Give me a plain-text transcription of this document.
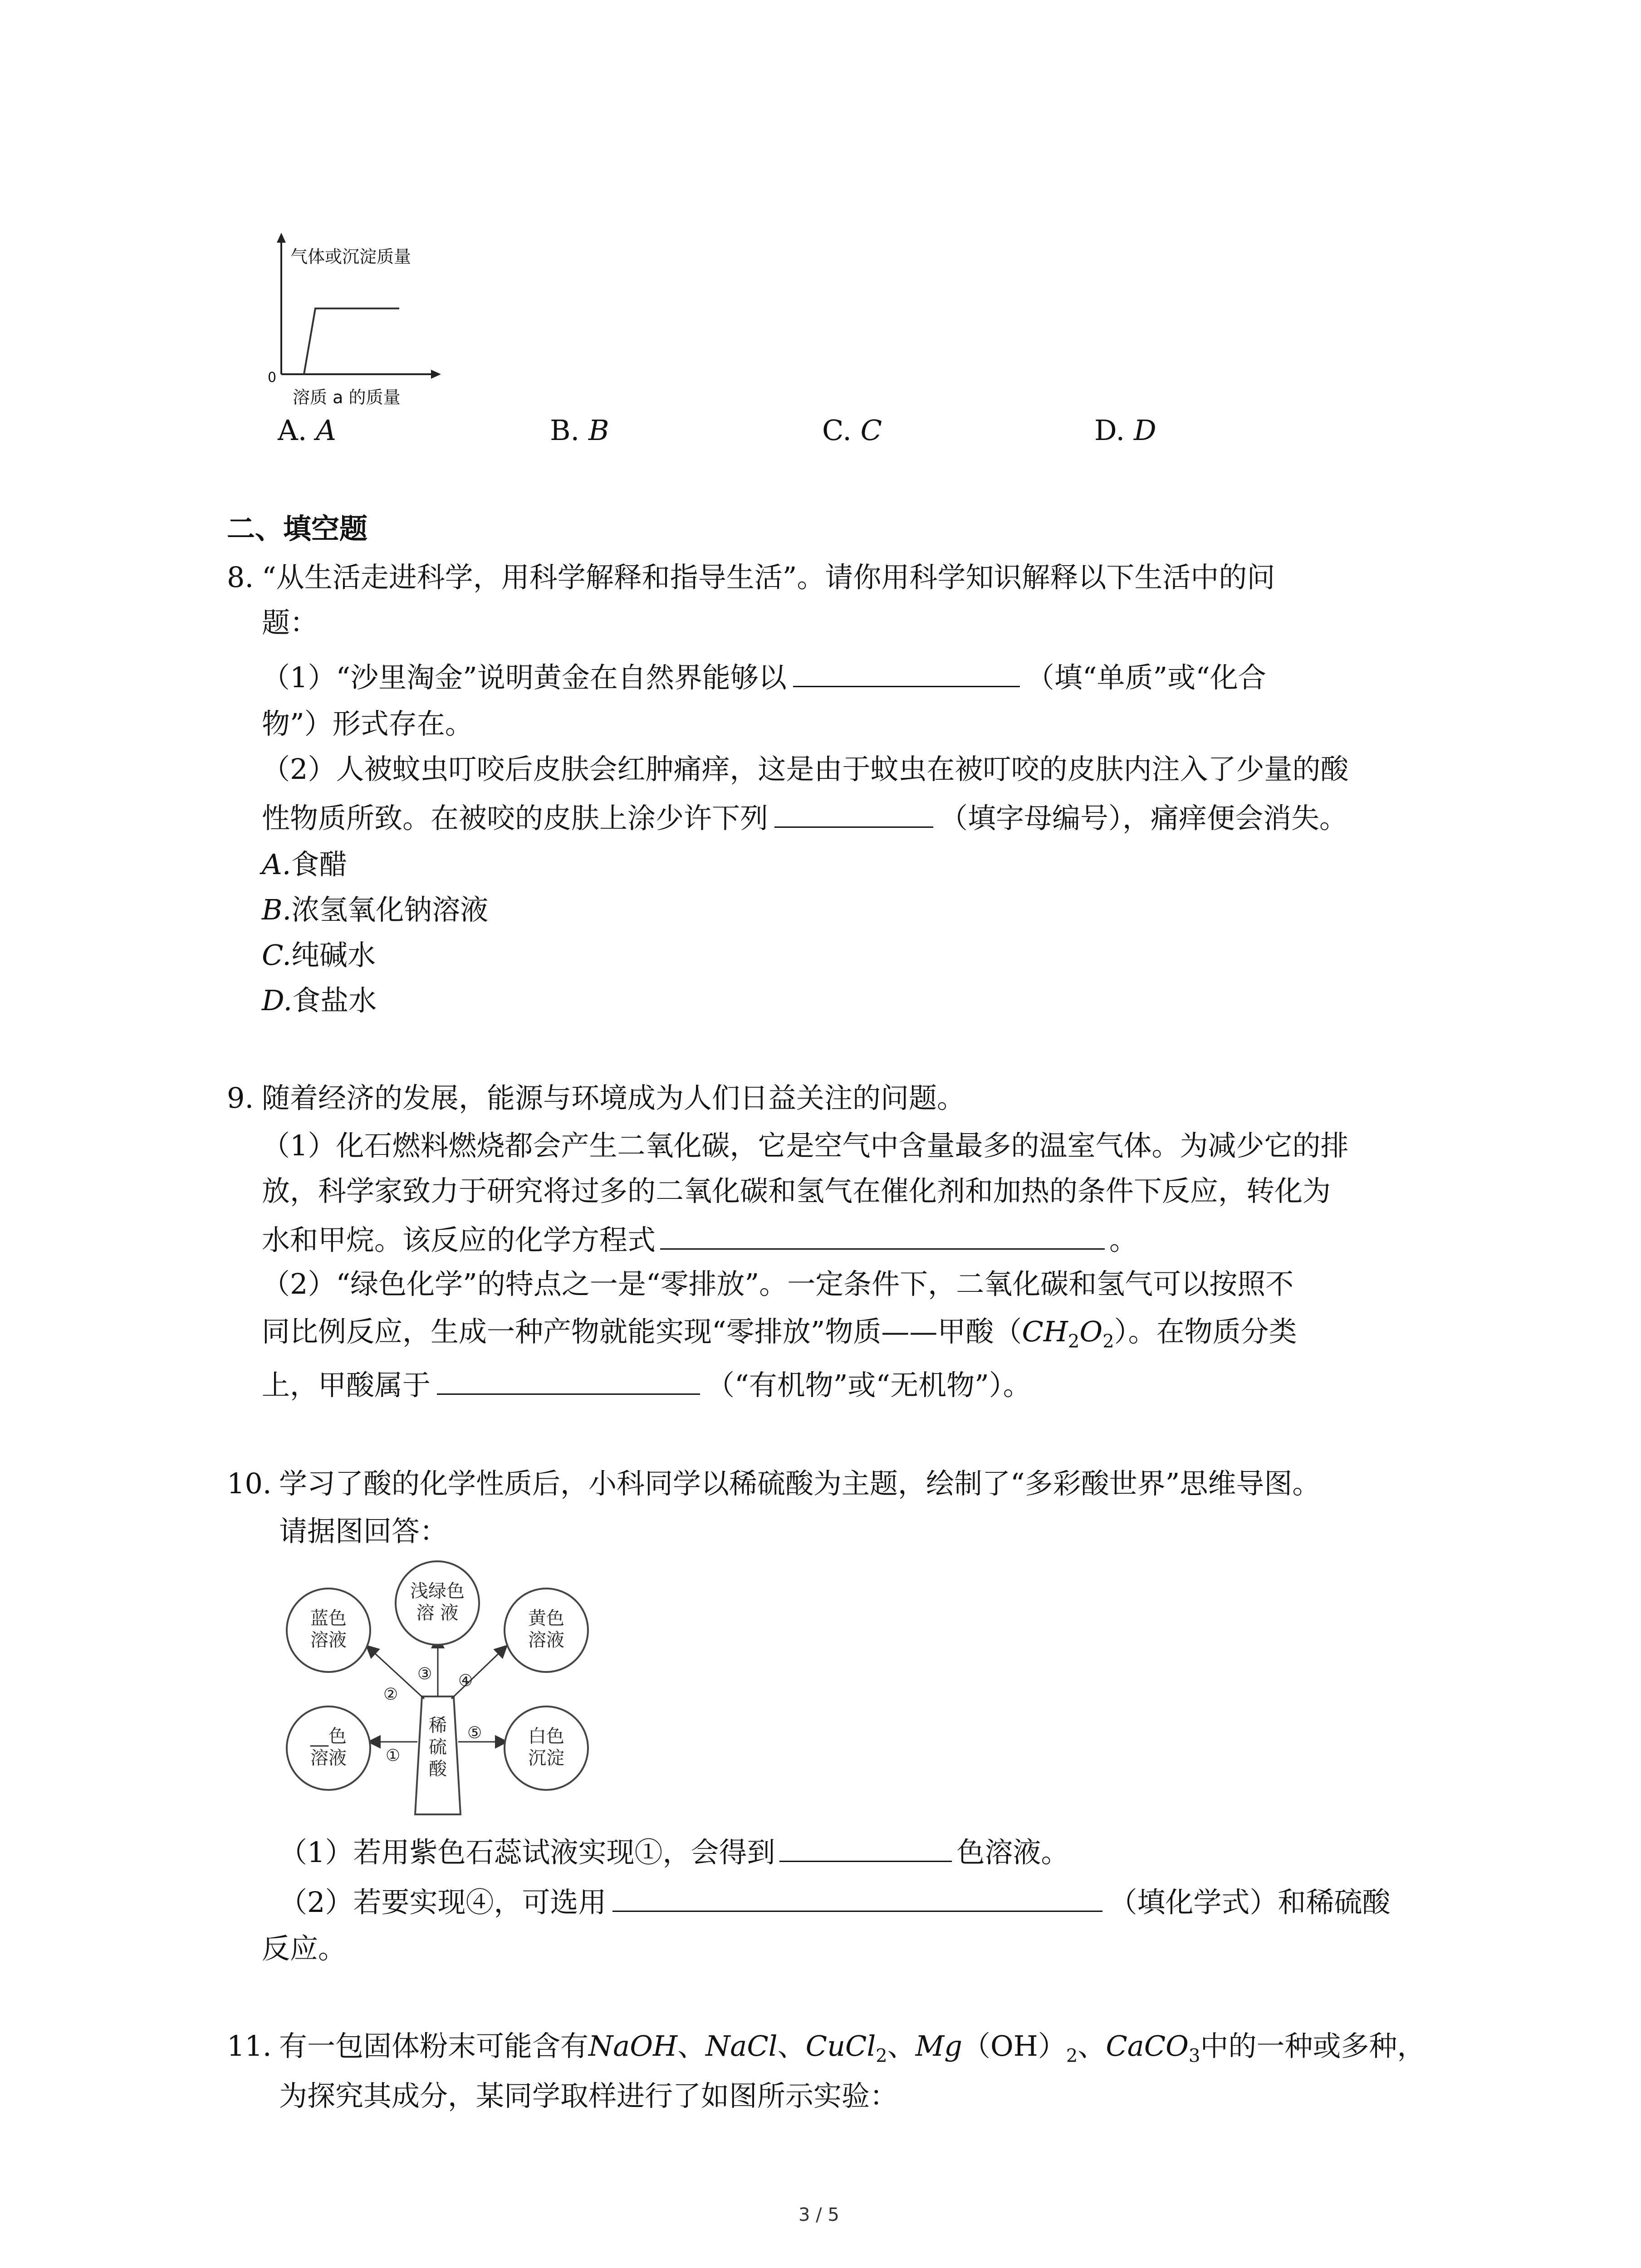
气体或沉淀质量
0
溶质 a 的质量
A. A	B. B	C. C	D. D
二、填空题
8. “从生活走进科学，用科学解释和指导生活”。请你用科学知识解释以下生活中的问
题：
（1）“沙里淘金”说明黄金在自然界能够以	（填“单质”或“化合
物”）形式存在。
（2）人被蚊虫叮咬后皮肤会红肿痛痒，这是由于蚊虫在被叮咬的皮肤内注入了少量的酸
性物质所致。在被咬的皮肤上涂少许下列	（填字母编号），痛痒便会消失。
A.食醋
B.浓氢氧化钠溶液
C.纯碱水
D.食盐水
9. 随着经济的发展，能源与环境成为人们日益关注的问题。
（1）化石燃料燃烧都会产生二氧化碳，它是空气中含量最多的温室气体。为减少它的排
放，科学家致力于研究将过多的二氧化碳和氢气在催化剂和加热的条件下反应，转化为
水和甲烷。该反应的化学方程式	。
（2）“绿色化学”的特点之一是“零排放”。一定条件下，二氧化碳和氢气可以按照不
同比例反应，生成一种产物就能实现“零排放”物质——甲酸$(CH_2O_2)$。在物质分类
上，甲酸属于	（“有机物”或“无机物”）。
10. 学习了酸的化学性质后，小科同学以稀硫酸为主题，绘制了“多彩酸世界”思维导图。
请据图回答：
浅绿色
溶 液
蓝色
溶液
黄色
溶液
__色
溶液
白色
沉淀
稀
硫
酸
①
②
③ ④
⑤
（1）若用紫色石蕊试液实现①，会得到	色溶液。
（2）若要实现④，可选用	（填化学式）和稀硫酸
反应。
11. 有一包固体粉末可能含有NaOH、NaCl、CuCl$_2$、$Mg(OH)_2$、CaCO$_3$中的一种或多种，
为探究其成分，某同学取样进行了如图所示实验：
3 / 5
